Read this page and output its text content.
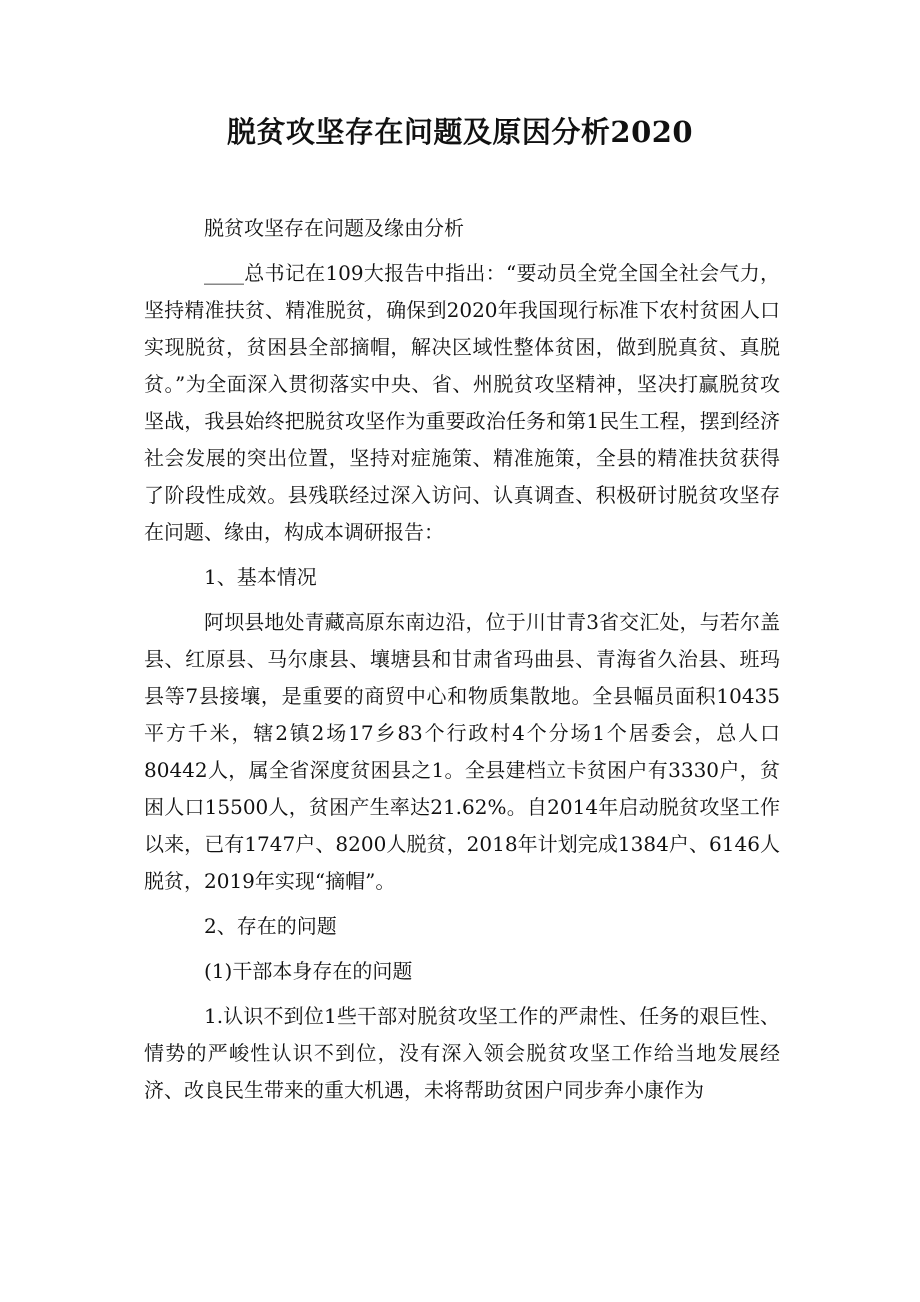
脱贫攻坚存在问题及原因分析2020

脱贫攻坚存在问题及缘由分析

____总书记在109大报告中指出：“要动员全党全国全社会气力，坚持精准扶贫、精准脱贫，确保到2020年我国现行标准下农村贫困人口实现脱贫，贫困县全部摘帽，解决区域性整体贫困，做到脱真贫、真脱贫。”为全面深入贯彻落实中央、省、州脱贫攻坚精神，坚决打赢脱贫攻坚战，我县始终把脱贫攻坚作为重要政治任务和第1民生工程，摆到经济社会发展的突出位置，坚持对症施策、精准施策，全县的精准扶贫获得了阶段性成效。县残联经过深入访问、认真调查、积极研讨脱贫攻坚存在问题、缘由，构成本调研报告：

1、基本情况

阿坝县地处青藏高原东南边沿，位于川甘青3省交汇处，与若尔盖县、红原县、马尔康县、壤塘县和甘肃省玛曲县、青海省久治县、班玛县等7县接壤，是重要的商贸中心和物质集散地。全县幅员面积10435平方千米，辖2镇2场17乡83个行政村4个分场1个居委会，总人口80442人，属全省深度贫困县之1。全县建档立卡贫困户有3330户，贫困人口15500人，贫困产生率达21.62%。自2014年启动脱贫攻坚工作以来，已有1747户、8200人脱贫，2018年计划完成1384户、6146人脱贫，2019年实现“摘帽”。

2、存在的问题

(1)干部本身存在的问题

1.认识不到位1些干部对脱贫攻坚工作的严肃性、任务的艰巨性、情势的严峻性认识不到位，没有深入领会脱贫攻坚工作给当地发展经济、改良民生带来的重大机遇，未将帮助贫困户同步奔小康作为
